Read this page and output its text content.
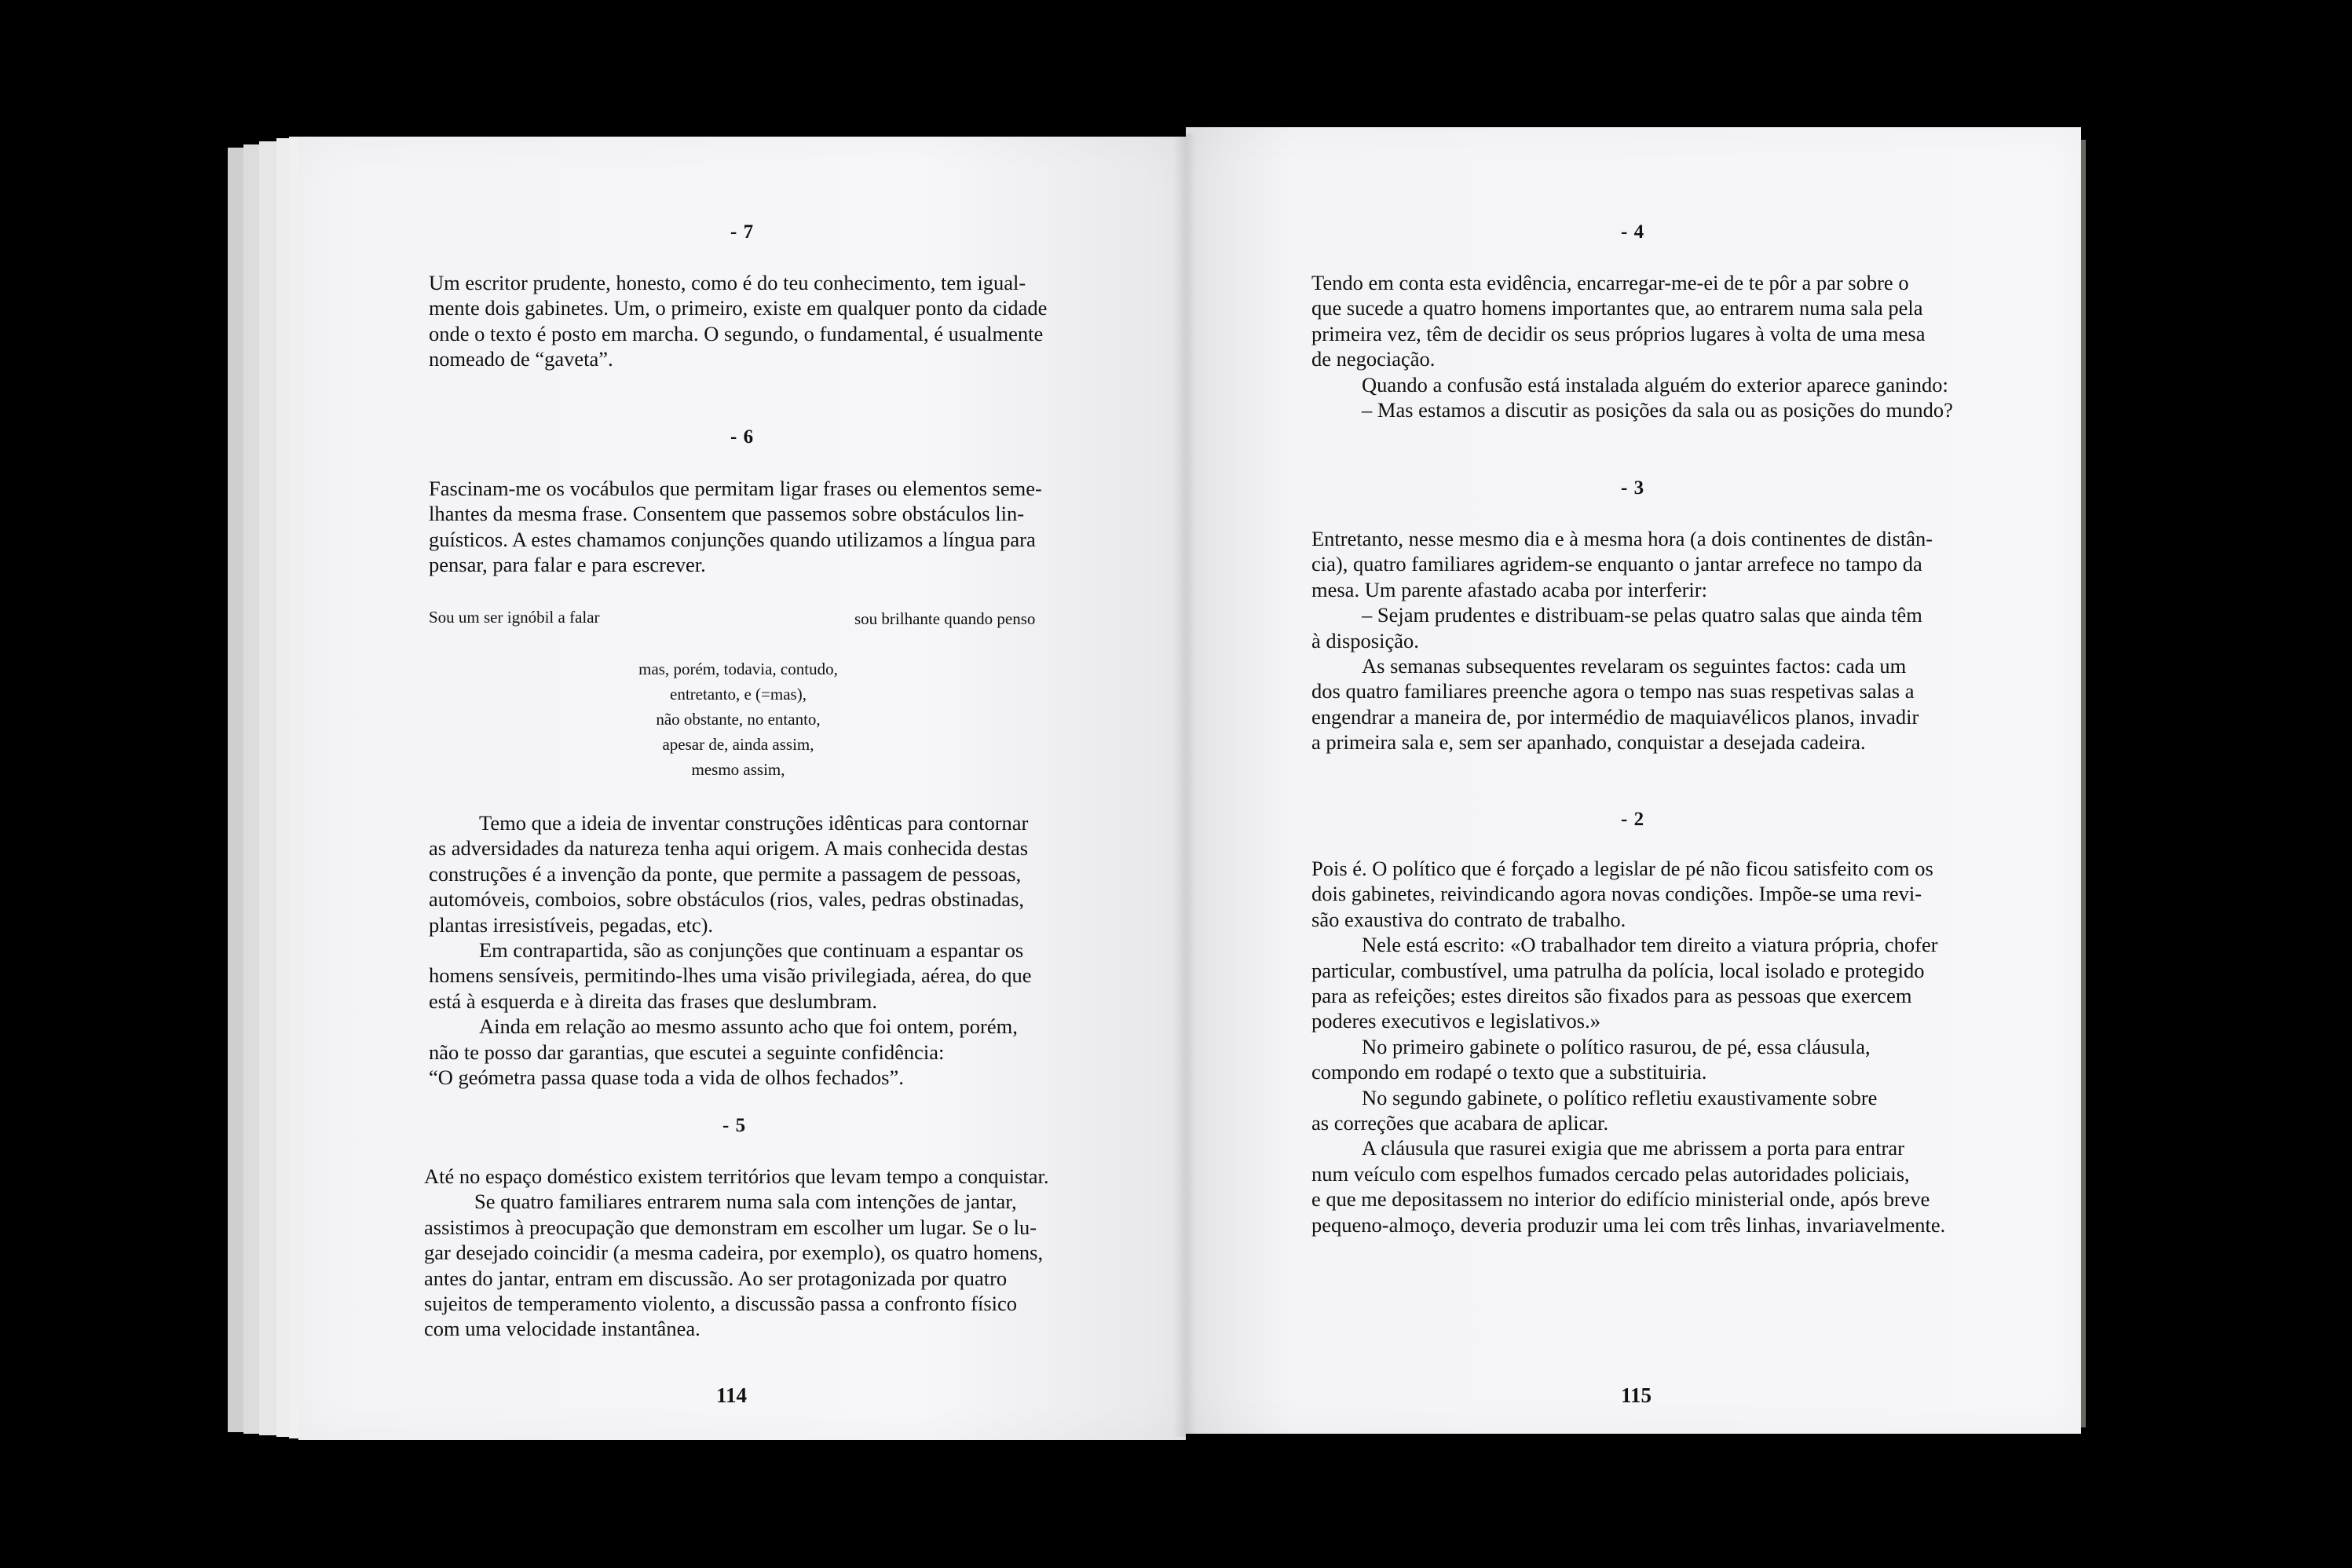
- 7

Um escritor prudente, honesto, como é do teu conhecimento, tem igual-
mente dois gabinetes. Um, o primeiro, existe em qualquer ponto da cidade
onde o texto é posto em marcha. O segundo, o fundamental, é usualmente
nomeado de “gaveta”.

- 6

Fascinam-me os vocábulos que permitam ligar frases ou elementos seme-
lhantes da mesma frase. Consentem que passemos sobre obstáculos lin-
guísticos. A estes chamamos conjunções quando utilizamos a língua para
pensar, para falar e para escrever.

Sou um ser ignóbil a falar	sou brilhante quando penso
mas, porém, todavia, contudo,
entretanto, e (=mas),
não obstante, no entanto,
apesar de, ainda assim,
mesmo assim,

Temo que a ideia de inventar construções idênticas para contornar
as adversidades da natureza tenha aqui origem. A mais conhecida destas
construções é a invenção da ponte, que permite a passagem de pessoas,
automóveis, comboios, sobre obstáculos (rios, vales, pedras obstinadas,
plantas irresistíveis, pegadas, etc).
Em contrapartida, são as conjunções que continuam a espantar os
homens sensíveis, permitindo-lhes uma visão privilegiada, aérea, do que
está à esquerda e à direita das frases que deslumbram.
Ainda em relação ao mesmo assunto acho que foi ontem, porém,
não te posso dar garantias, que escutei a seguinte confidência:
“O geómetra passa quase toda a vida de olhos fechados”.

- 5

Até no espaço doméstico existem territórios que levam tempo a conquistar.
Se quatro familiares entrarem numa sala com intenções de jantar,
assistimos à preocupação que demonstram em escolher um lugar. Se o lu-
gar desejado coincidir (a mesma cadeira, por exemplo), os quatro homens,
antes do jantar, entram em discussão. Ao ser protagonizada por quatro
sujeitos de temperamento violento, a discussão passa a confronto físico
com uma velocidade instantânea.

114
- 4

Tendo em conta esta evidência, encarregar-me-ei de te pôr a par sobre o
que sucede a quatro homens importantes que, ao entrarem numa sala pela
primeira vez, têm de decidir os seus próprios lugares à volta de uma mesa
de negociação.
Quando a confusão está instalada alguém do exterior aparece ganindo:
– Mas estamos a discutir as posições da sala ou as posições do mundo?

- 3

Entretanto, nesse mesmo dia e à mesma hora (a dois continentes de distân-
cia), quatro familiares agridem-se enquanto o jantar arrefece no tampo da
mesa. Um parente afastado acaba por interferir:
– Sejam prudentes e distribuam-se pelas quatro salas que ainda têm
à disposição.
As semanas subsequentes revelaram os seguintes factos: cada um
dos quatro familiares preenche agora o tempo nas suas respetivas salas a
engendrar a maneira de, por intermédio de maquiavélicos planos, invadir
a primeira sala e, sem ser apanhado, conquistar a desejada cadeira.

- 2

Pois é. O político que é forçado a legislar de pé não ficou satisfeito com os
dois gabinetes, reivindicando agora novas condições. Impõe-se uma revi-
são exaustiva do contrato de trabalho.
Nele está escrito: «O trabalhador tem direito a viatura própria, chofer
particular, combustível, uma patrulha da polícia, local isolado e protegido
para as refeições; estes direitos são fixados para as pessoas que exercem
poderes executivos e legislativos.»
No primeiro gabinete o político rasurou, de pé, essa cláusula,
compondo em rodapé o texto que a substituiria.
No segundo gabinete, o político refletiu exaustivamente sobre
as correções que acabara de aplicar.
A cláusula que rasurei exigia que me abrissem a porta para entrar
num veículo com espelhos fumados cercado pelas autoridades policiais,
e que me depositassem no interior do edifício ministerial onde, após breve
pequeno-almoço, deveria produzir uma lei com três linhas, invariavelmente.

115
